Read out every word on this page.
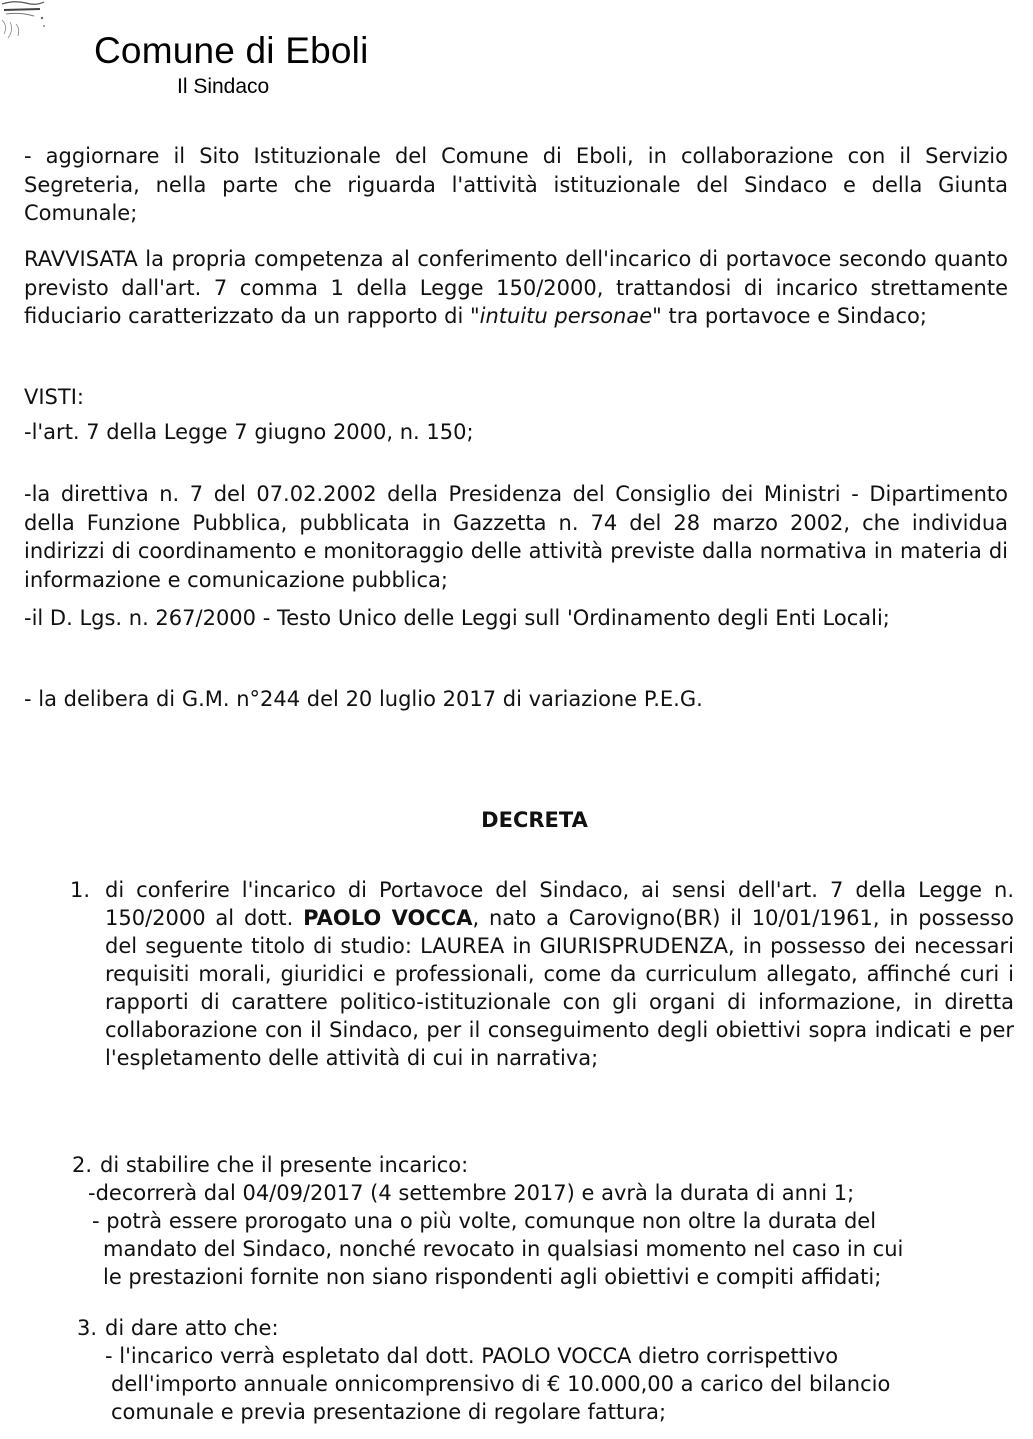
Comune di Eboli
Il Sindaco

- aggiornare il Sito Istituzionale del Comune di Eboli, in collaborazione con il Servizio Segreteria, nella parte che riguarda l'attività istituzionale del Sindaco e della Giunta Comunale;

RAVVISATA la propria competenza al conferimento dell'incarico di portavoce secondo quanto previsto dall'art. 7 comma 1 della Legge 150/2000, trattandosi di incarico strettamente fiduciario caratterizzato da un rapporto di "intuitu personae" tra portavoce e Sindaco;

VISTI:

-l'art. 7 della Legge 7 giugno 2000, n. 150;

-la direttiva n. 7 del 07.02.2002 della Presidenza del Consiglio dei Ministri - Dipartimento della Funzione Pubblica, pubblicata in Gazzetta n. 74 del 28 marzo 2002, che individua indirizzi di coordinamento e monitoraggio delle attività previste dalla normativa in materia di informazione e comunicazione pubblica;

-il D. Lgs. n. 267/2000 - Testo Unico delle Leggi sull 'Ordinamento degli Enti Locali;

- la delibera di G.M. n°244 del 20 luglio 2017 di variazione P.E.G.

DECRETA
1. di conferire l'incarico di Portavoce del Sindaco, ai sensi dell'art. 7 della Legge n. 150/2000 al dott. PAOLO VOCCA, nato a Carovigno(BR) il 10/01/1961, in possesso del seguente titolo di studio: LAUREA in GIURISPRUDENZA, in possesso dei necessari requisiti morali, giuridici e professionali, come da curriculum allegato, affinché curi i rapporti di carattere politico-istituzionale con gli organi di informazione, in diretta collaborazione con il Sindaco, per il conseguimento degli obiettivi sopra indicati e per l'espletamento delle attività di cui in narrativa;

2. di stabilire che il presente incarico:
-decorrerà dal 04/09/2017 (4 settembre 2017) e avrà la durata di anni 1;
- potrà essere prorogato una o più volte, comunque non oltre la durata del
mandato del Sindaco, nonché revocato in qualsiasi momento nel caso in cui
le prestazioni fornite non siano rispondenti agli obiettivi e compiti affidati;
3. di dare atto che:
- l'incarico verrà espletato dal dott. PAOLO VOCCA dietro corrispettivo
dell'importo annuale onnicomprensivo di € 10.000,00 a carico del bilancio
comunale e previa presentazione di regolare fattura;
